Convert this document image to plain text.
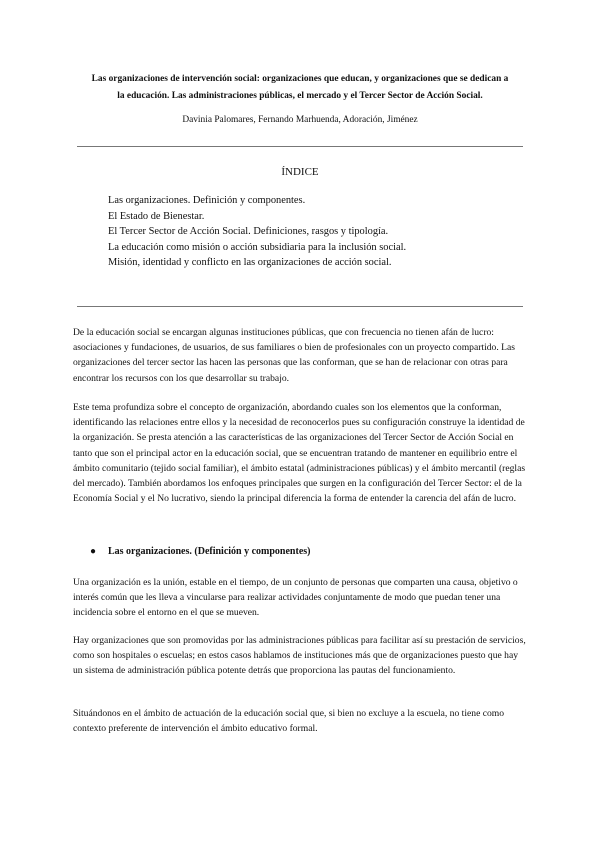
Las organizaciones de intervención social: organizaciones que educan, y organizaciones que se dedican a
la educación. Las administraciones públicas, el mercado y el Tercer Sector de Acción Social.
Davinia Palomares, Fernando Marhuenda, Adoración, Jiménez
ÍNDICE
Las organizaciones. Definición y componentes.
El Estado de Bienestar.
El Tercer Sector de Acción Social. Definiciones, rasgos y tipología.
La educación como misión o acción subsidiaria para la inclusión social.
Misión, identidad y conflicto en las organizaciones de acción social.

De la educación social se encargan algunas instituciones públicas, que con frecuencia no tienen afán de lucro: asociaciones y fundaciones, de usuarios, de sus familiares o bien de profesionales con un proyecto compartido. Las organizaciones del tercer sector las hacen las personas que las conforman, que se han de relacionar con otras para encontrar los recursos con los que desarrollar su trabajo.

Este tema profundiza sobre el concepto de organización, abordando cuales son los elementos que la conforman, identificando las relaciones entre ellos y la necesidad de reconocerlos pues su configuración construye la identidad de la organización. Se presta atención a las características de las organizaciones del Tercer Sector de Acción Social en tanto que son el principal actor en la educación social, que se encuentran tratando de mantener en equilibrio entre el ámbito comunitario (tejido social familiar), el ámbito estatal (administraciones públicas) y el ámbito mercantil (reglas del mercado). También abordamos los enfoques principales que surgen en la configuración del Tercer Sector: el de la Economía Social y el No lucrativo, siendo la principal diferencia la forma de entender la carencia del afán de lucro.

● Las organizaciones. (Definición y componentes)

Una organización es la unión, estable en el tiempo, de un conjunto de personas que comparten una causa, objetivo o interés común que les lleva a vincularse para realizar actividades conjuntamente de modo que puedan tener una incidencia sobre el entorno en el que se mueven.

Hay organizaciones que son promovidas por las administraciones públicas para facilitar así su prestación de servicios, como son hospitales o escuelas; en estos casos hablamos de instituciones más que de organizaciones puesto que hay un sistema de administración pública potente detrás que proporciona las pautas del funcionamiento.

Situándonos en el ámbito de actuación de la educación social que, si bien no excluye a la escuela, no tiene como contexto preferente de intervención el ámbito educativo formal.
